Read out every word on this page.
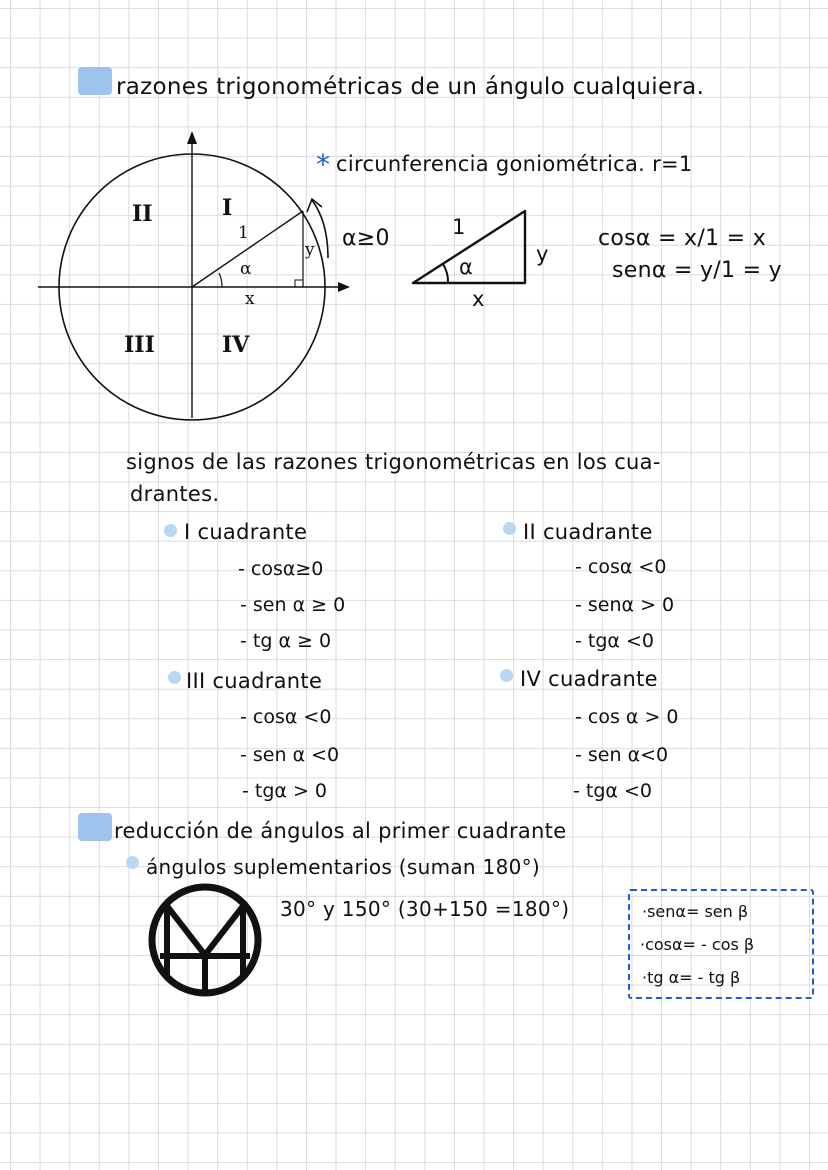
razones trigonométricas de un ángulo cualquiera.
II	I
III	IV
1
α
x
y
* circunferencia goniométrica. r=1
α≥0	1
y
x
α
cosα = x/1 = x
senα = y/1 = y
signos de las razones trigonométricas en los cua-
drantes.
I cuadrante
- cosα≥0
- sen α ≥ 0
- tg α ≥ 0
II cuadrante
- cosα <0
- senα > 0
- tgα <0
III cuadrante
- cosα <0
- sen α <0
- tgα > 0
IV cuadrante
- cos α > 0
- sen α<0
- tgα <0
reducción de ángulos al primer cuadrante
ángulos suplementarios (suman 180°)
30° y 150° (30+150 =180°)	·senα= sen β
·cosα= - cos β
·tg α= - tg β
